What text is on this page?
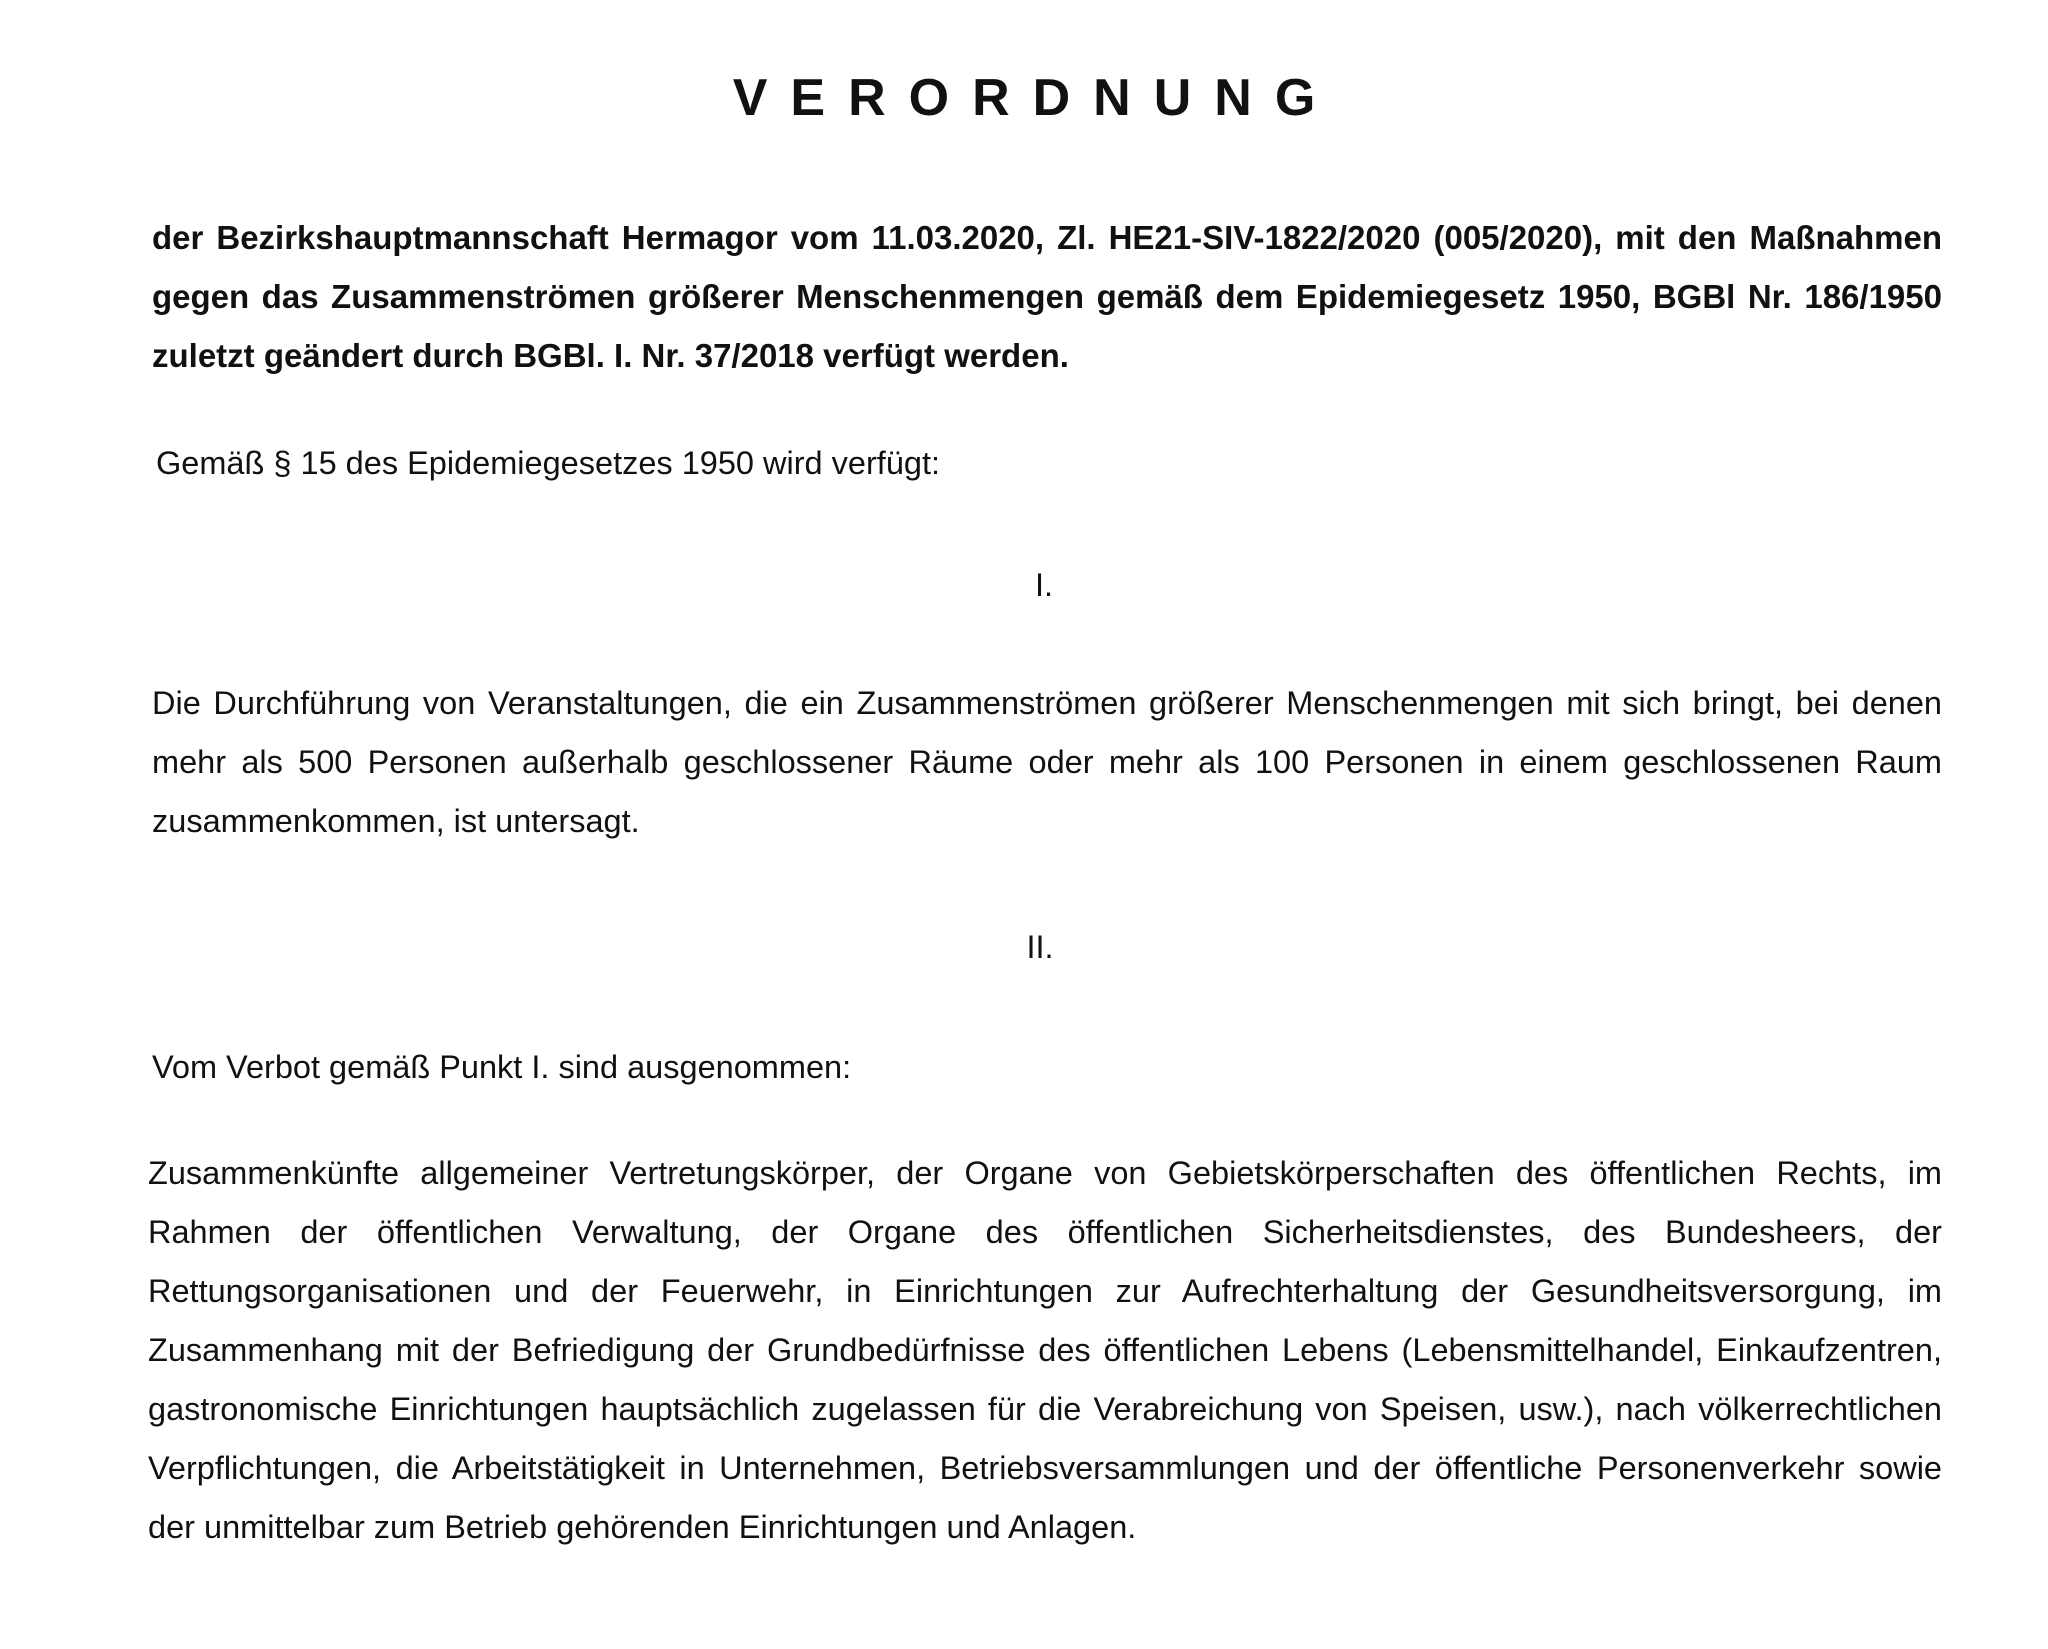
VERORDNUNG
der Bezirkshauptmannschaft Hermagor vom 11.03.2020, Zl. HE21-SIV-1822/2020 (005/2020), mit den Maßnahmen gegen das Zusammenströmen größerer Menschenmengen gemäß dem Epidemiegesetz 1950, BGBl Nr. 186/1950 zuletzt geändert durch BGBl. I. Nr. 37/2018 verfügt werden.
Gemäß § 15 des Epidemiegesetzes 1950 wird verfügt:
I.
Die Durchführung von Veranstaltungen, die ein Zusammenströmen größerer Menschenmengen mit sich bringt, bei denen mehr als 500 Personen außerhalb geschlossener Räume oder mehr als 100 Personen in einem geschlossenen Raum zusammenkommen, ist untersagt.
II.
Vom Verbot gemäß Punkt I. sind ausgenommen:
Zusammenkünfte allgemeiner Vertretungskörper, der Organe von Gebietskörperschaften des öffentlichen Rechts, im Rahmen der öffentlichen Verwaltung, der Organe des öffentlichen Sicherheitsdienstes, des Bundesheers, der Rettungsorganisationen und der Feuerwehr, in Einrichtungen zur Aufrechterhaltung der Gesundheitsversorgung, im Zusammenhang mit der Befriedigung der Grundbedürfnisse des öffentlichen Lebens (Lebensmittelhandel, Einkaufzentren, gastronomische Einrichtungen hauptsächlich zugelassen für die Verabreichung von Speisen, usw.), nach völkerrechtlichen Verpflichtungen, die Arbeitstätigkeit in Unternehmen, Betriebsversammlungen und der öffentliche Personenverkehr sowie der unmittelbar zum Betrieb gehörenden Einrichtungen und Anlagen.
